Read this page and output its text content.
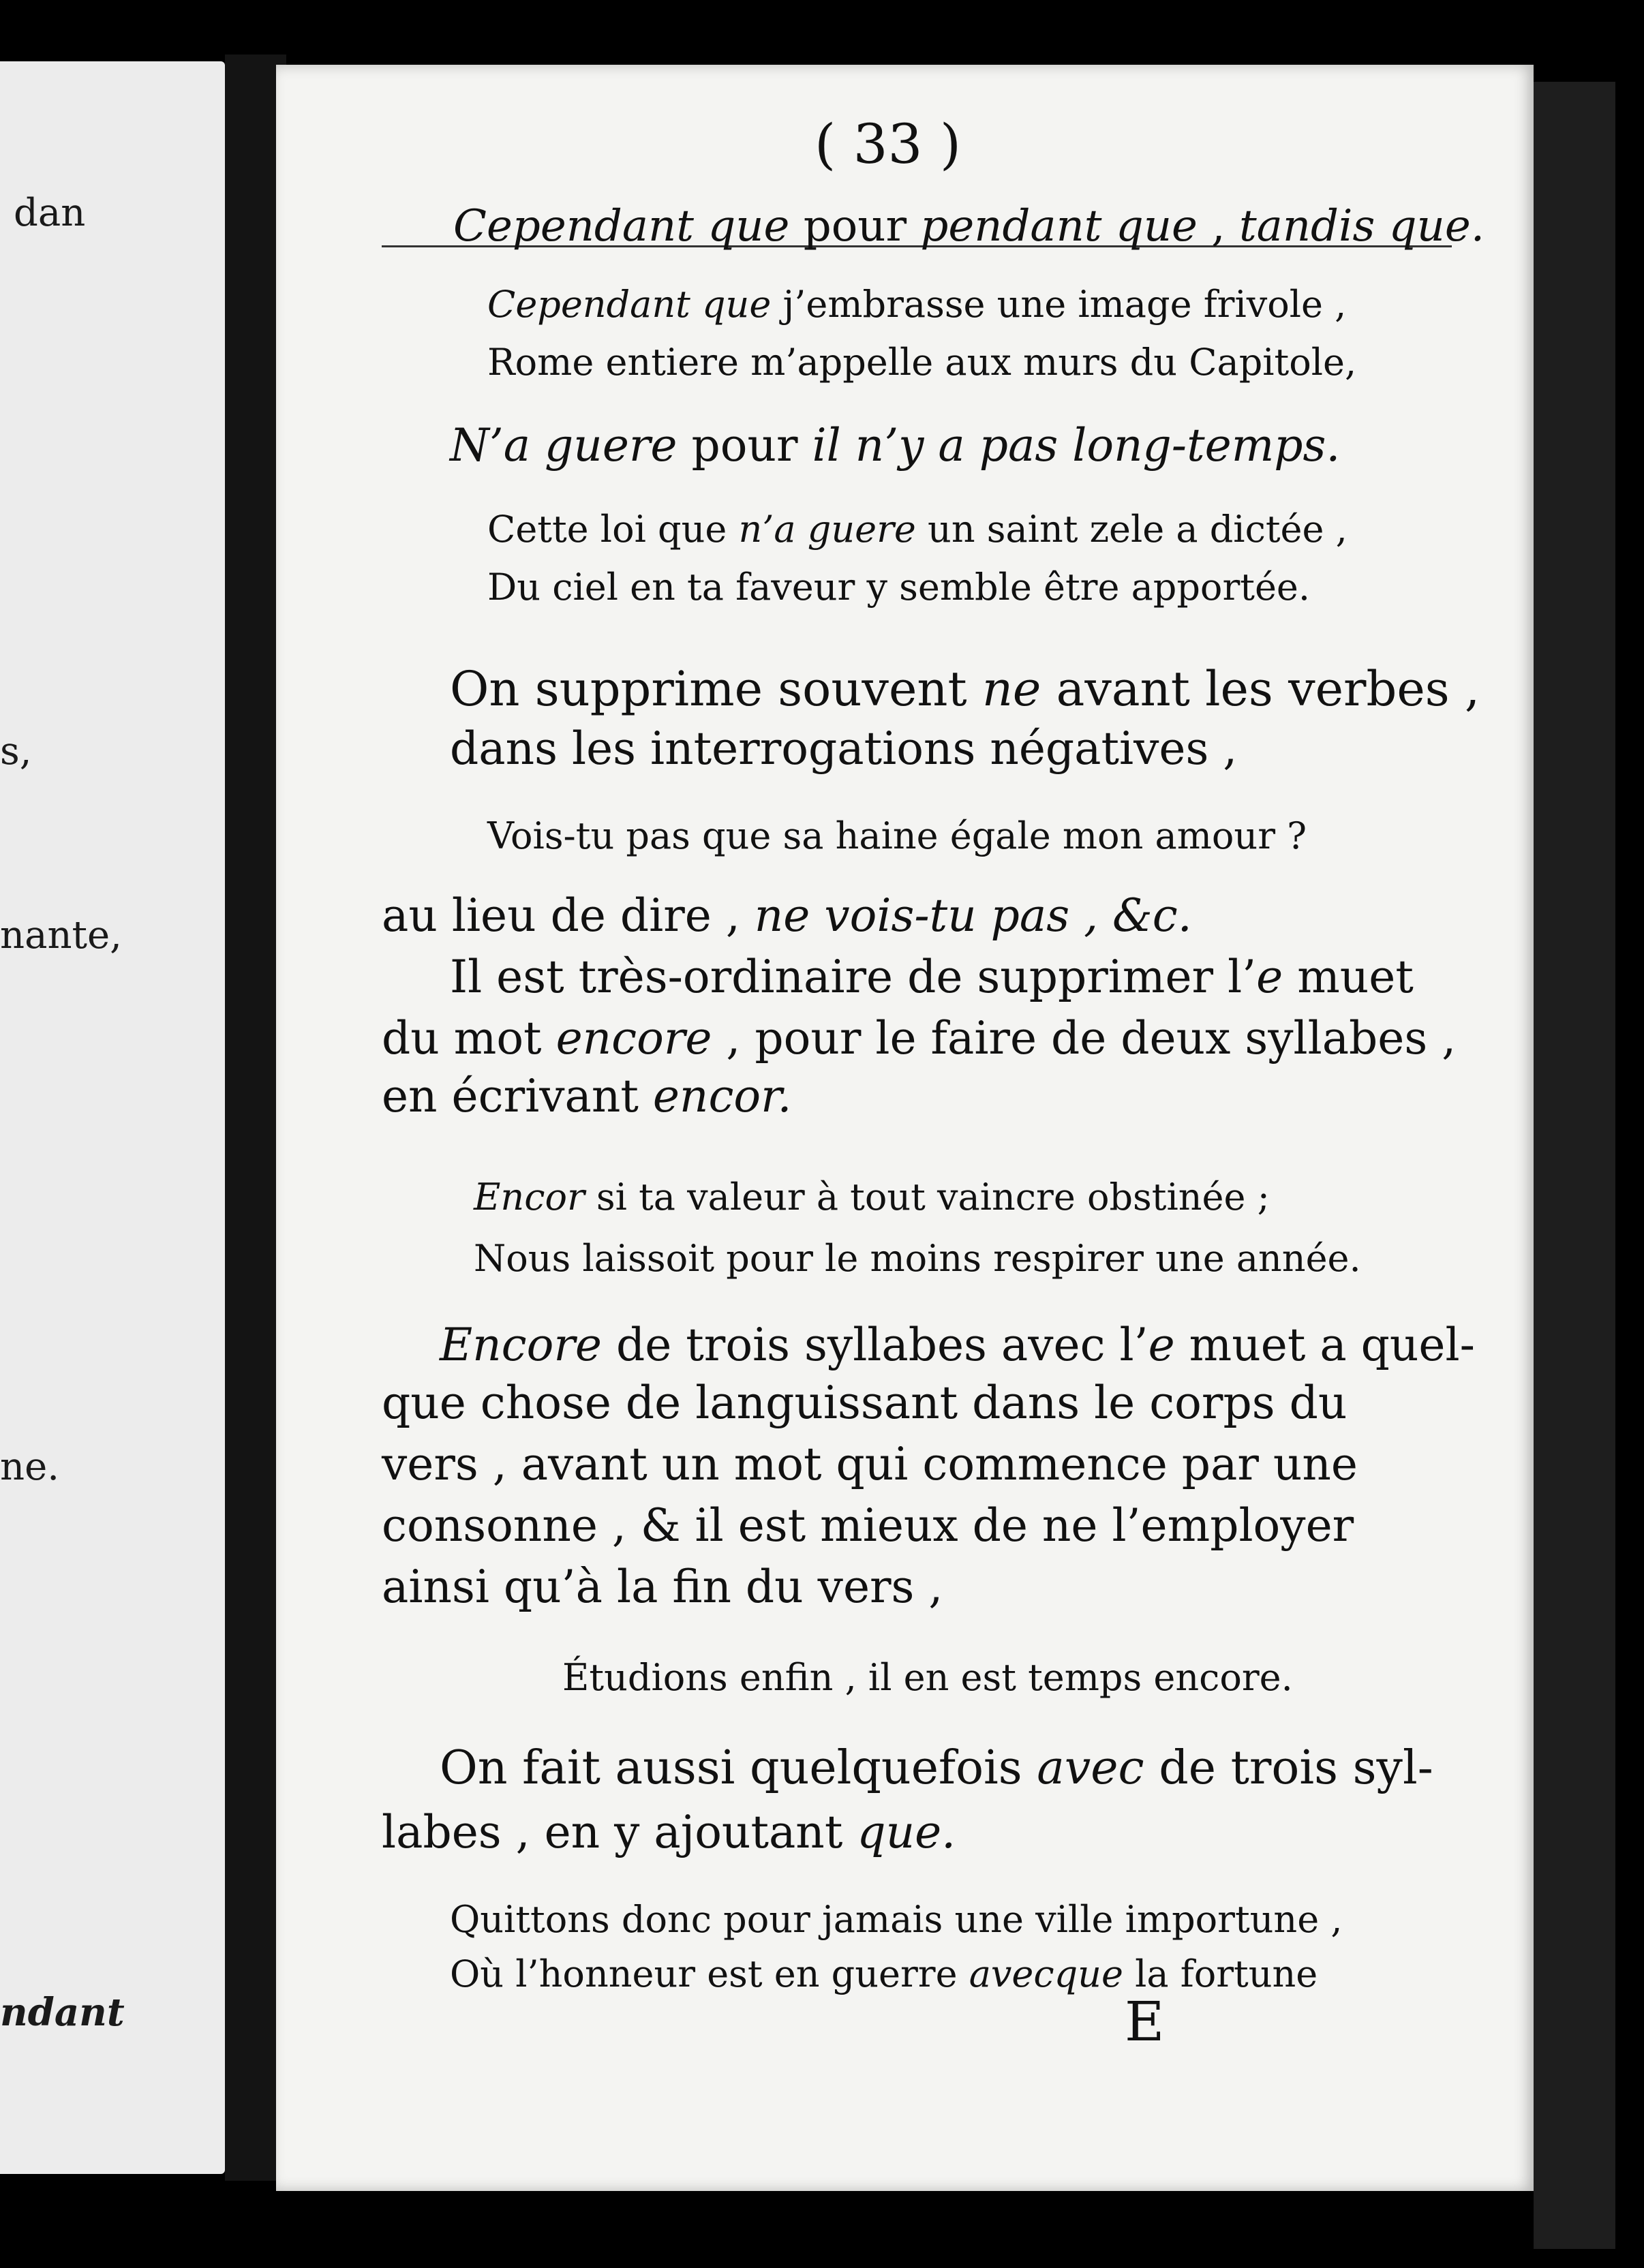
dan
s,
nante,
ne.
ndant
( 33 )
Cependant que pour pendant que , tandis que.
Cependant que j’embrasse une image frivole ,
Rome entiere m’appelle aux murs du Capitole,
N’a guere pour il n’y a pas long-temps.
Cette loi que n’a guere un saint zele a dictée ,
Du ciel en ta faveur y semble être apportée.
On supprime souvent ne avant les verbes ,
dans les interrogations négatives ,
Vois-tu pas que sa haine égale mon amour ?
au lieu de dire , ne vois-tu pas , &c.
Il est très-ordinaire de supprimer l’e muet
du mot encore , pour le faire de deux syllabes ,
en écrivant encor.
Encor si ta valeur à tout vaincre obstinée ;
Nous laissoit pour le moins respirer une année.
Encore de trois syllabes avec l’e muet a quel-
que chose de languissant dans le corps du
vers , avant un mot qui commence par une
consonne , & il est mieux de ne l’employer
ainsi qu’à la fin du vers ,
Étudions enfin , il en est temps encore.
On fait aussi quelquefois avec de trois syl-
labes , en y ajoutant que.
Quittons donc pour jamais une ville importune ,
Où l’honneur est en guerre avecque la fortune
E
